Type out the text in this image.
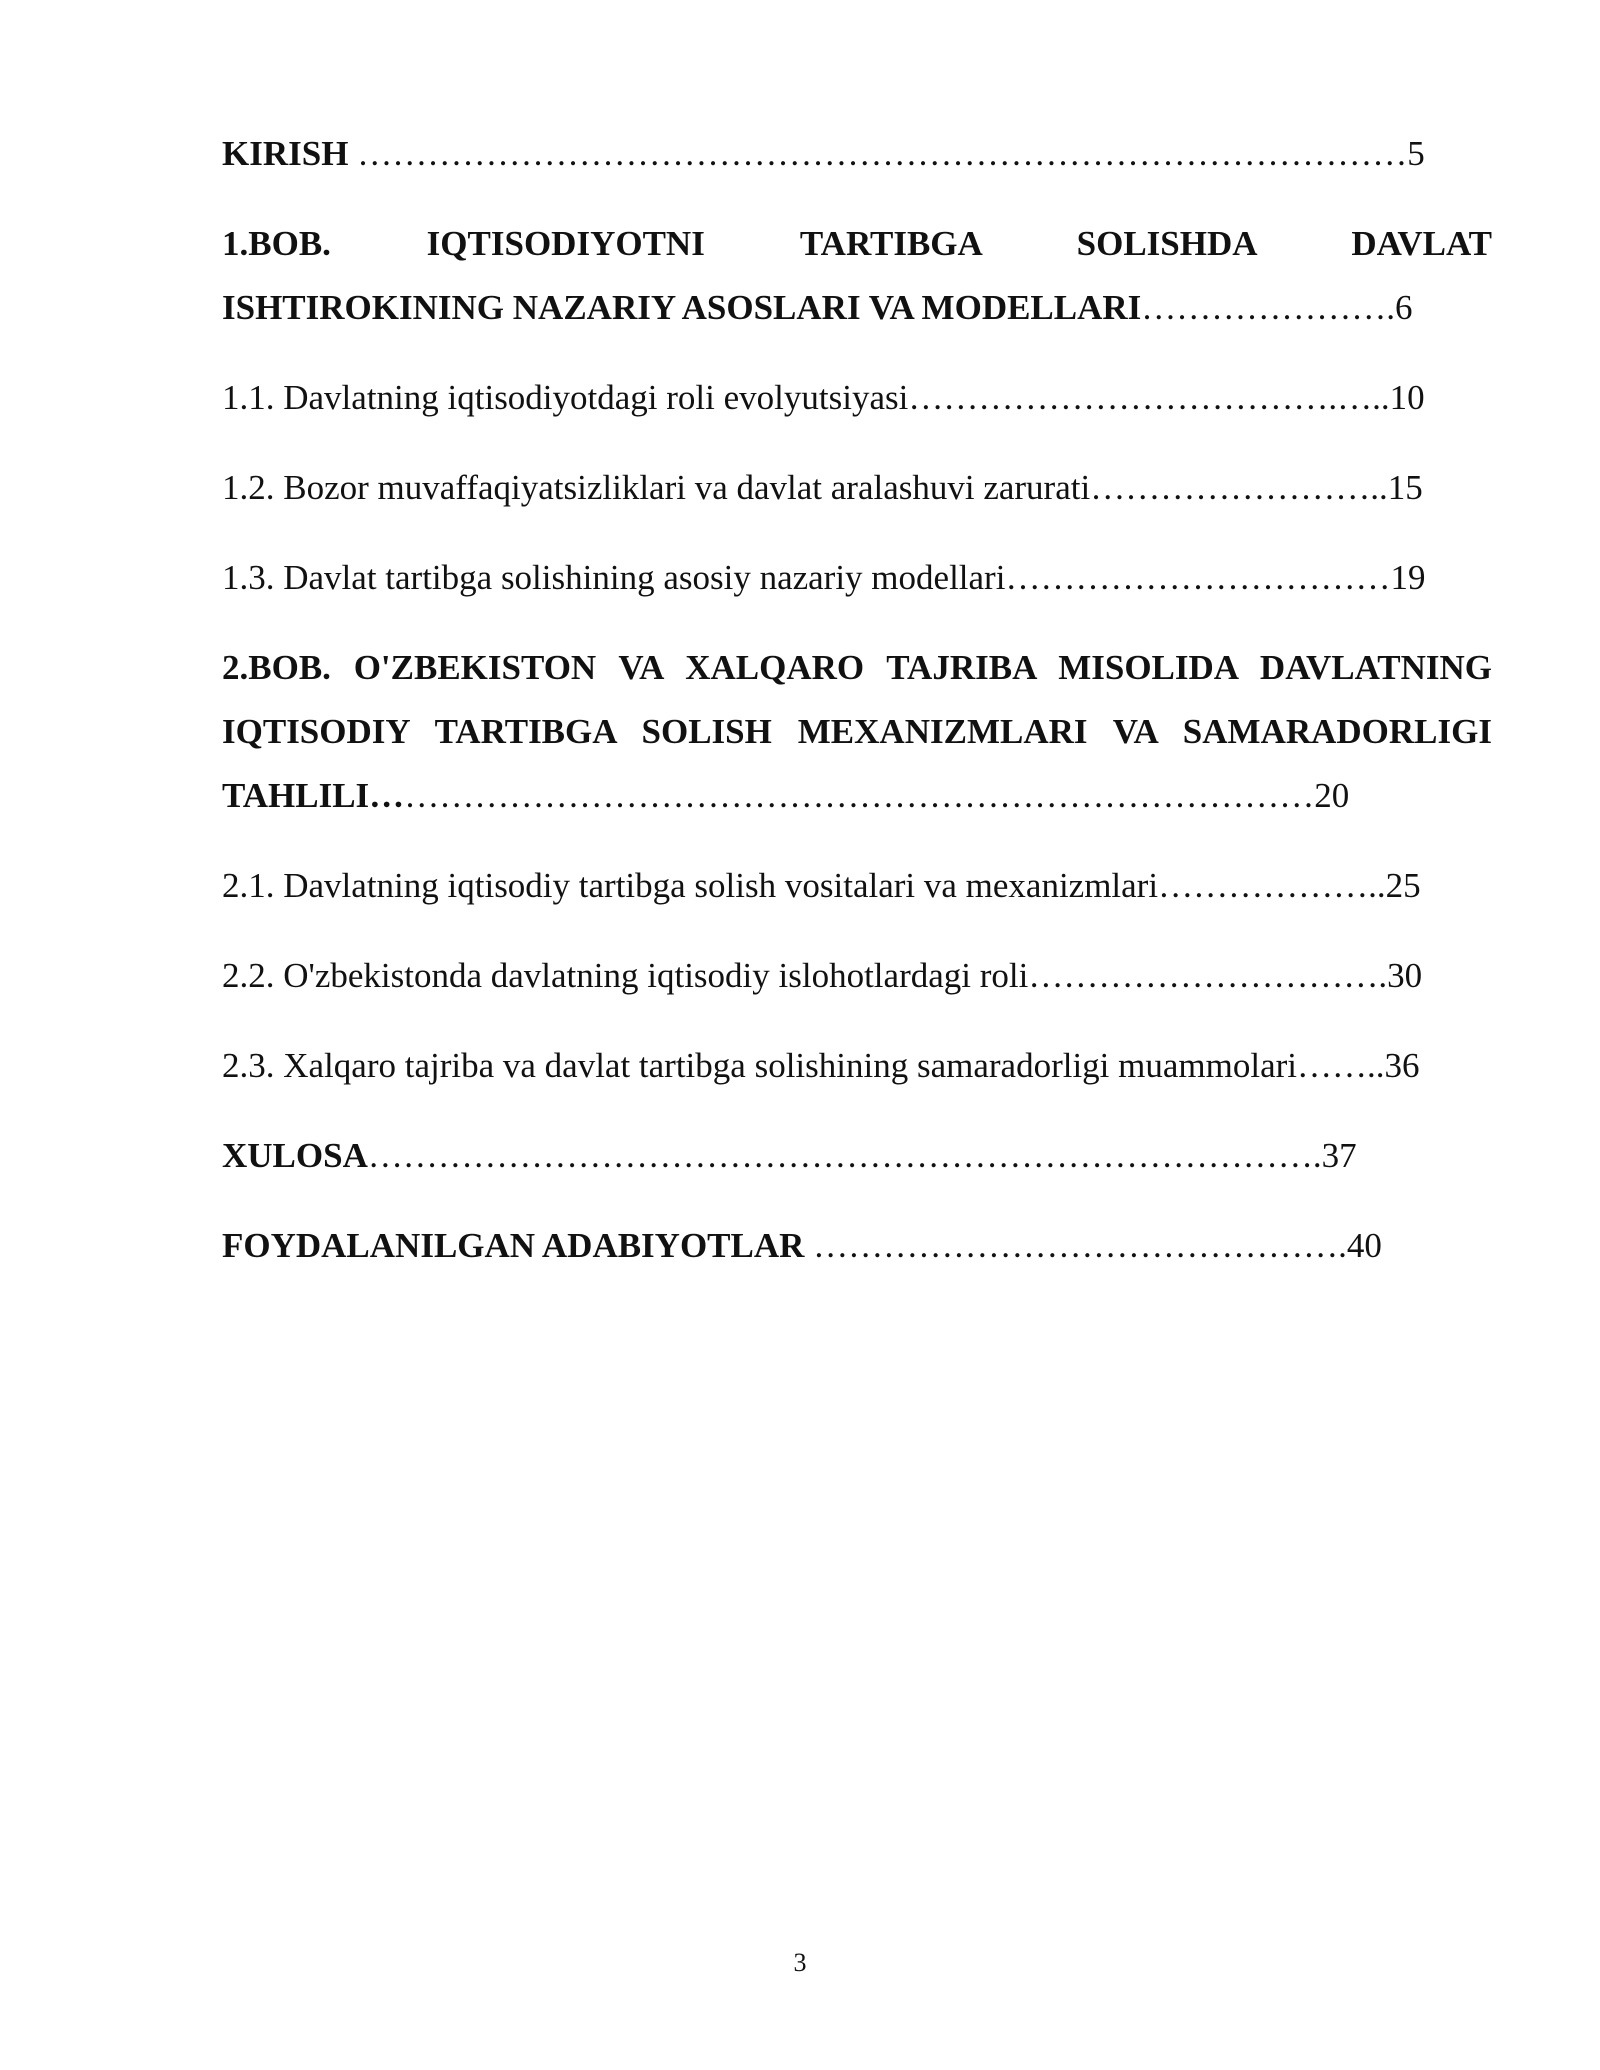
KIRISH ………………………………………………………………………………5
1.BOB.	IQTISODIYOTNI	TARTIBGA	SOLISHDA	DAVLAT
ISHTIROKINING NAZARIY ASOSLARI VA MODELLARI………………….6
1.1. Davlatning iqtisodiyotdagi roli evolyutsiyasi……………………………….…..10
1.2. Bozor muvaffaqiyatsizliklari va davlat aralashuvi zarurati……………………..15
1.3. Davlat tartibga solishining asosiy nazariy modellari……………………………19
2.BOB. O'ZBEKISTON VA XALQARO TAJRIBA MISOLIDA DAVLATNING
IQTISODIY TARTIBGA SOLISH MEXANIZMLARI VA SAMARADORLIGI
TAHLILI………………………………………………………………………20
2.1. Davlatning iqtisodiy tartibga solish vositalari va mexanizmlari………………..25
2.2. O'zbekistonda davlatning iqtisodiy islohotlardagi roli………………………….30
2.3. Xalqaro tajriba va davlat tartibga solishining samaradorligi muammolari……..36
XULOSA……………………………………………………………………….37
FOYDALANILGAN ADABIYOTLAR ……………………………………….40
3
